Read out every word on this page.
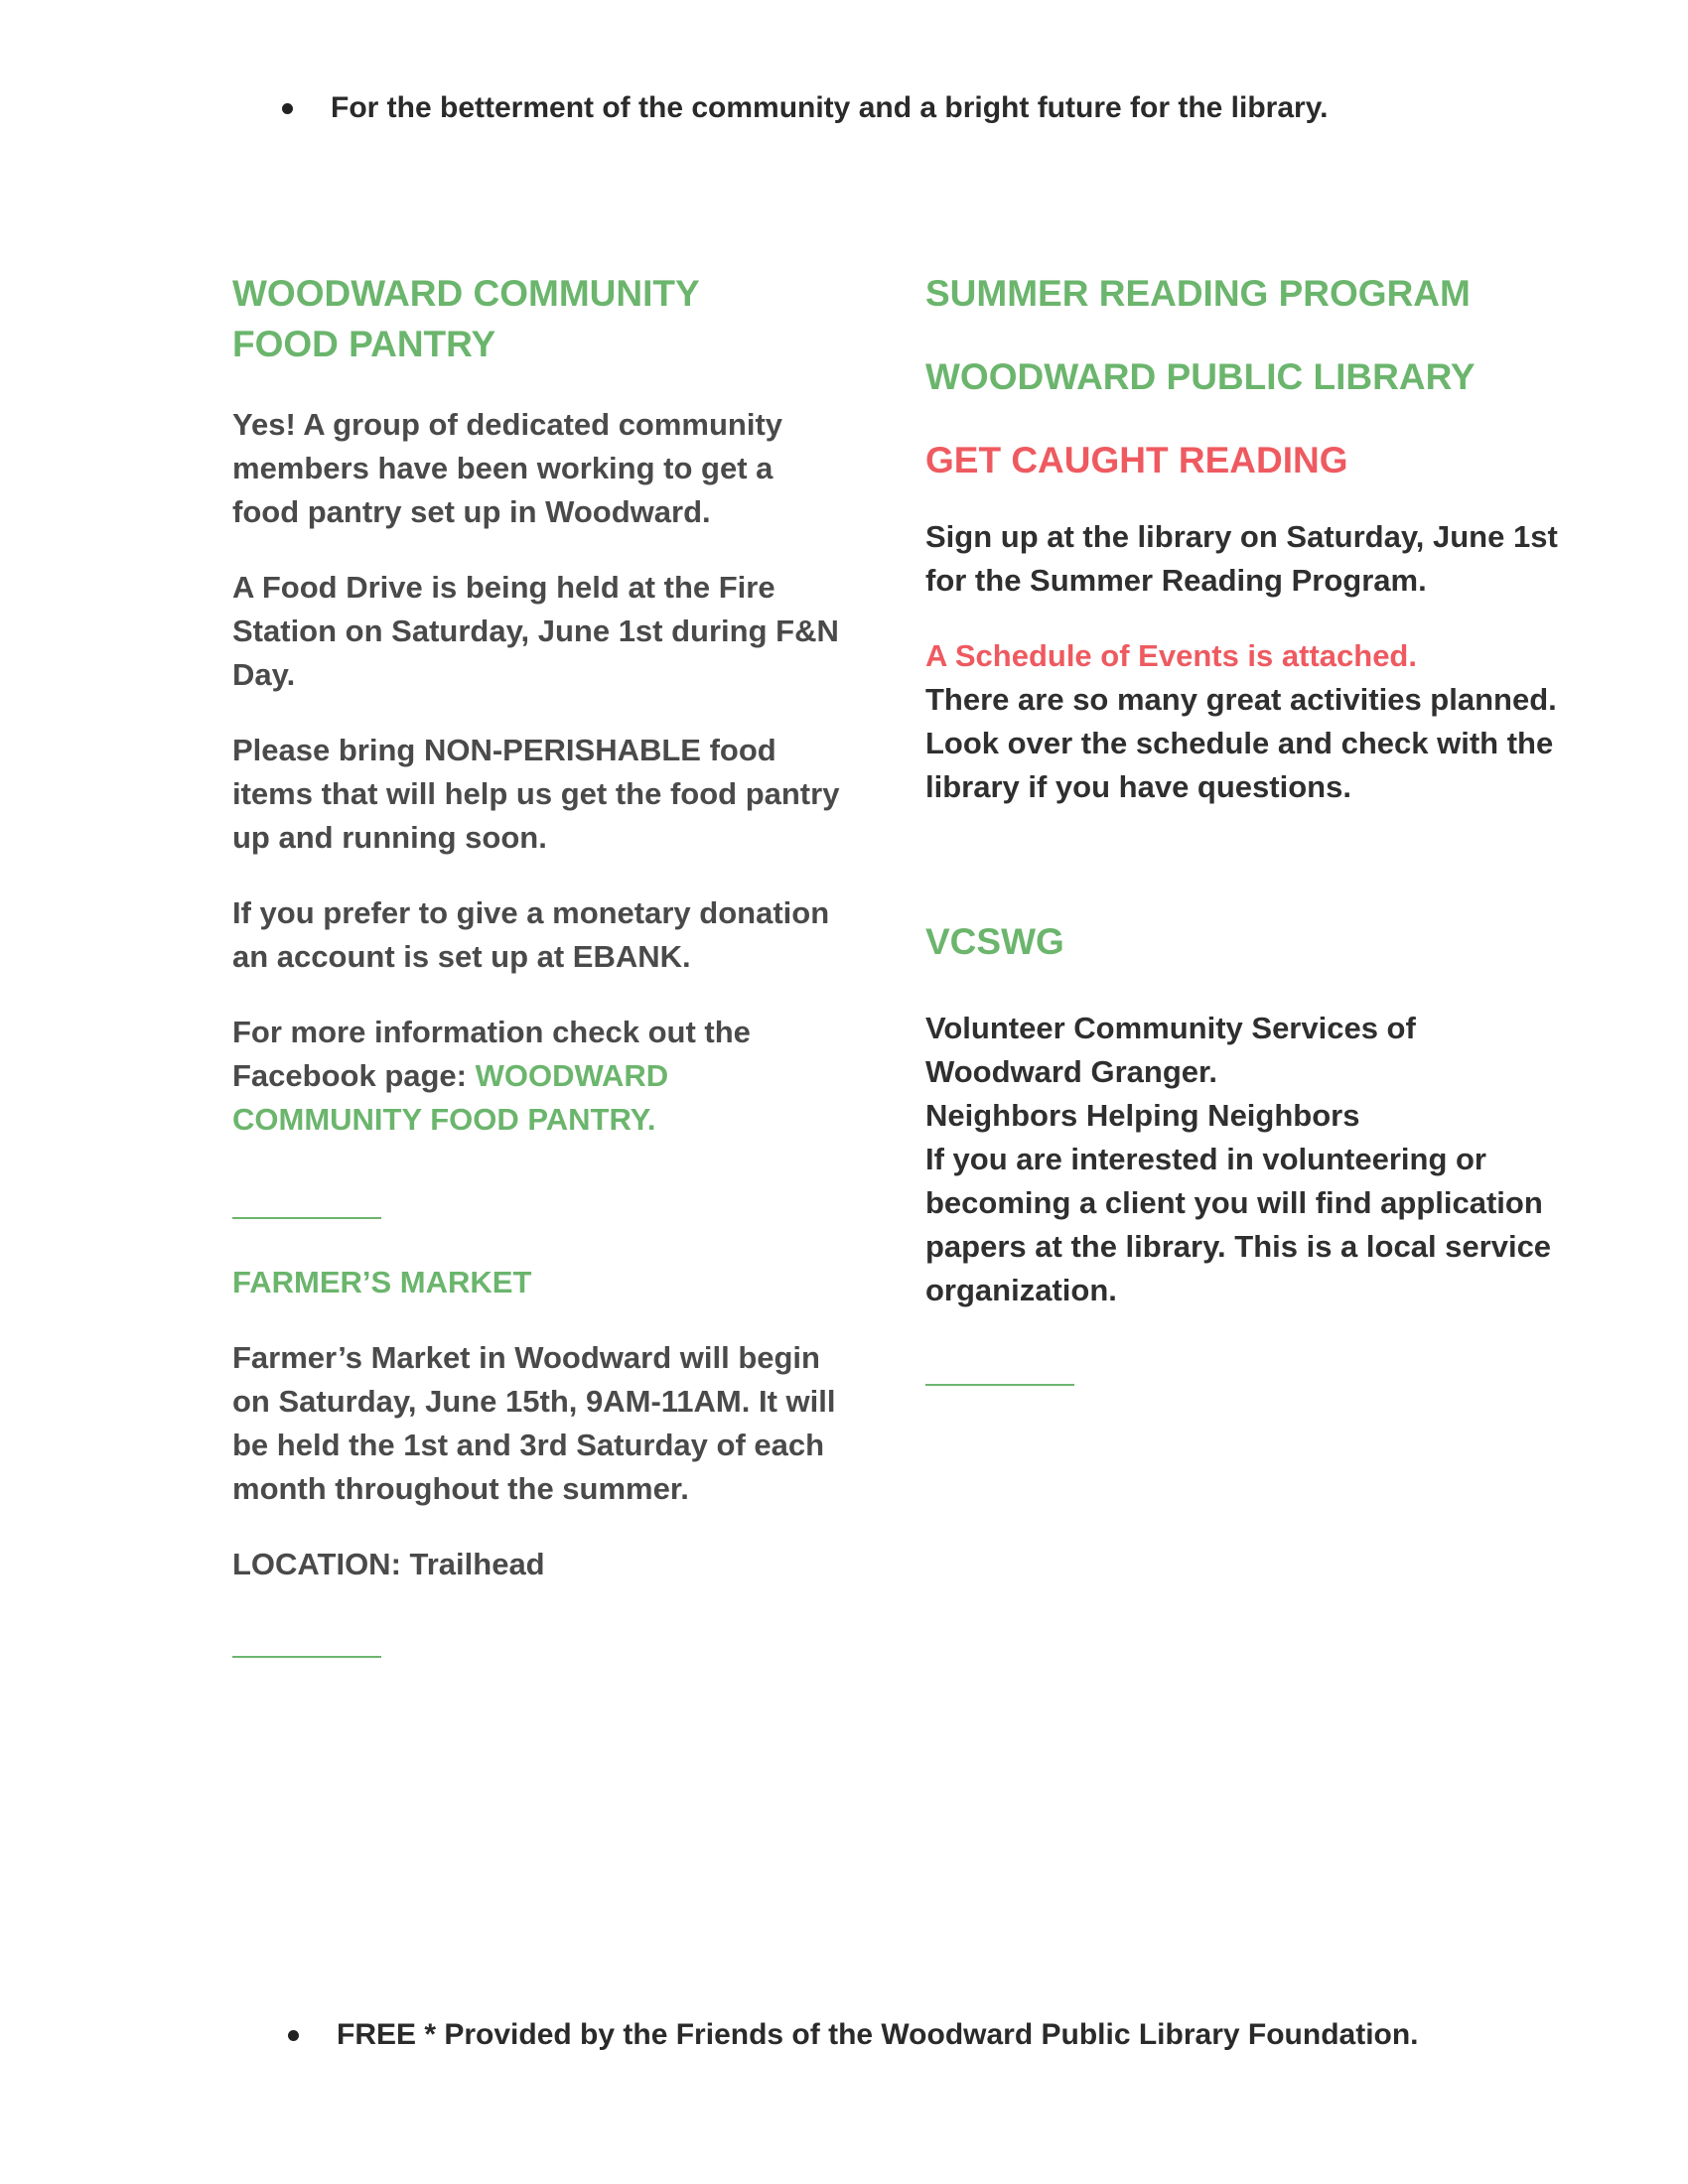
For the betterment of the community and a bright future for the library.
WOODWARD COMMUNITY
FOOD PANTRY

Yes! A group of dedicated community members have been working to get a food pantry set up in Woodward.

A Food Drive is being held at the Fire Station on Saturday, June 1st during F&N Day.

Please bring NON-PERISHABLE food items that will help us get the food pantry up and running soon.

If you prefer to give a monetary donation an account is set up at EBANK.

For more information check out the Facebook page: WOODWARD COMMUNITY FOOD PANTRY.

FARMER’S MARKET

Farmer’s Market in Woodward will begin on Saturday, June 15th, 9AM-11AM. It will be held the 1st and 3rd Saturday of each month throughout the summer.

LOCATION: Trailhead

SUMMER READING PROGRAM
WOODWARD PUBLIC LIBRARY
GET CAUGHT READING

Sign up at the library on Saturday, June 1st for the Summer Reading Program.

A Schedule of Events is attached.

There are so many great activities planned. Look over the schedule and check with the library if you have questions.

VCSWG

Volunteer Community Services of Woodward Granger.

Neighbors Helping Neighbors

If you are interested in volunteering or becoming a client you will find application papers at the library. This is a local service organization.

FREE * Provided by the Friends of the Woodward Public Library Foundation.
